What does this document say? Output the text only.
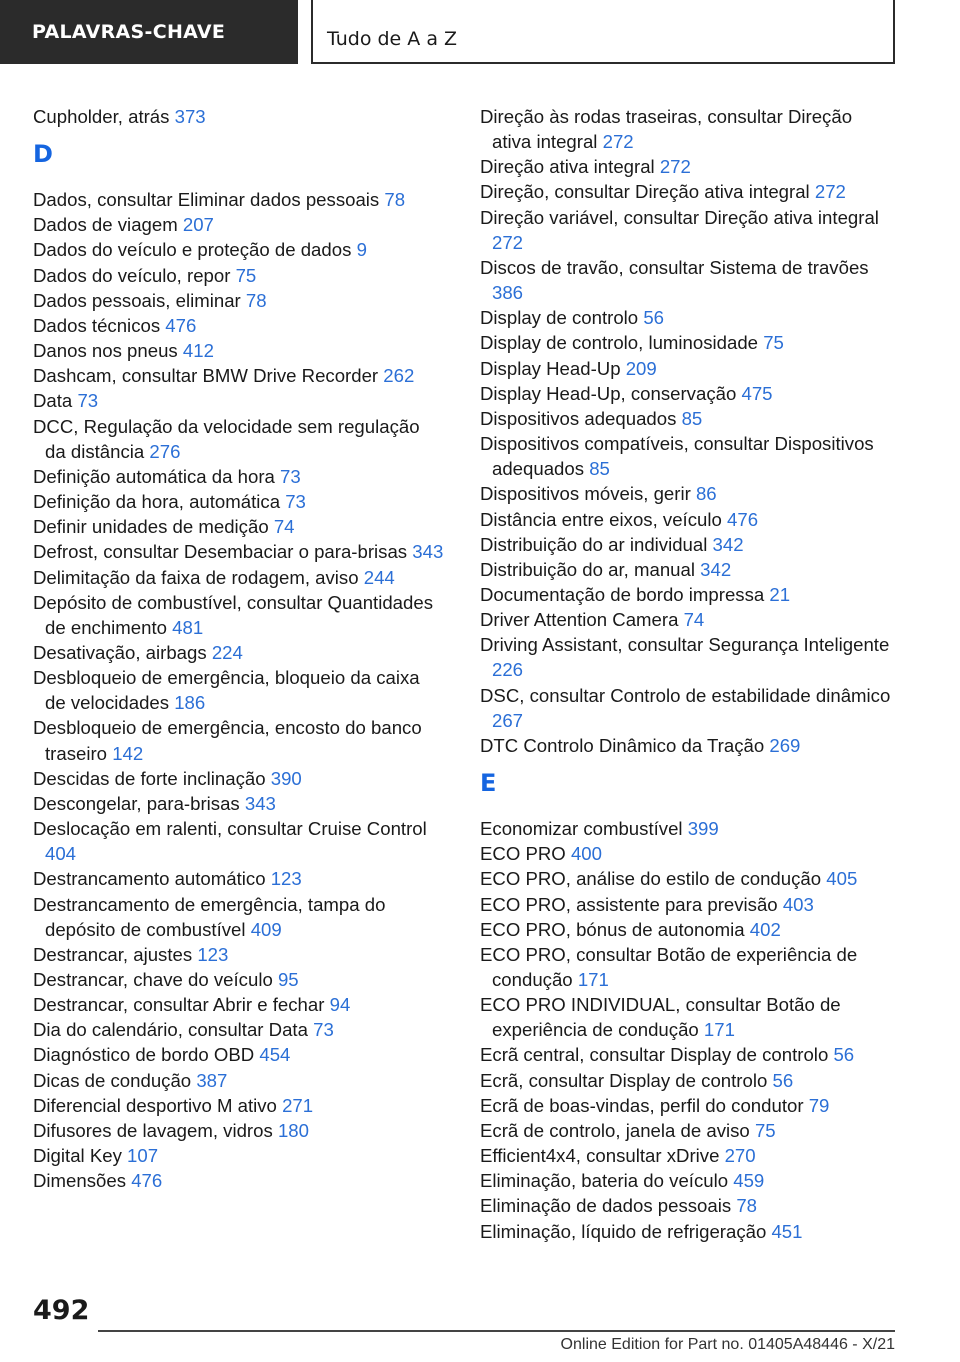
PALAVRAS-CHAVE	Tudo de A a Z
Cupholder, atrás 373
D
Dados, consultar Eliminar dados pessoais 78
Dados de viagem 207
Dados do veículo e proteção de dados 9
Dados do veículo, repor 75
Dados pessoais, eliminar 78
Dados técnicos 476
Danos nos pneus 412
Dashcam, consultar BMW Drive Recorder 262
Data 73
DCC, Regulação da velocidade sem regulação da distância 276
Definição automática da hora 73
Definição da hora, automática 73
Definir unidades de medição 74
Defrost, consultar Desembaciar o para-brisas 343
Delimitação da faixa de rodagem, aviso 244
Depósito de combustível, consultar Quantidades de enchimento 481
Desativação, airbags 224
Desbloqueio de emergência, bloqueio da caixa de velocidades 186
Desbloqueio de emergência, encosto do banco traseiro 142
Descidas de forte inclinação 390
Descongelar, para-brisas 343
Deslocação em ralenti, consultar Cruise Control 404
Destrancamento automático 123
Destrancamento de emergência, tampa do depósito de combustível 409
Destrancar, ajustes 123
Destrancar, chave do veículo 95
Destrancar, consultar Abrir e fechar 94
Dia do calendário, consultar Data 73
Diagnóstico de bordo OBD 454
Dicas de condução 387
Diferencial desportivo M ativo 271
Difusores de lavagem, vidros 180
Digital Key 107
Dimensões 476
Direção às rodas traseiras, consultar Direção ativa integral 272
Direção ativa integral 272
Direção, consultar Direção ativa integral 272
Direção variável, consultar Direção ativa integral 272
Discos de travão, consultar Sistema de travões 386
Display de controlo 56
Display de controlo, luminosidade 75
Display Head-Up 209
Display Head-Up, conservação 475
Dispositivos adequados 85
Dispositivos compatíveis, consultar Dispositivos adequados 85
Dispositivos móveis, gerir 86
Distância entre eixos, veículo 476
Distribuição do ar individual 342
Distribuição do ar, manual 342
Documentação de bordo impressa 21
Driver Attention Camera 74
Driving Assistant, consultar Segurança Inteligente 226
DSC, consultar Controlo de estabilidade dinâmico 267
DTC Controlo Dinâmico da Tração 269
E
Economizar combustível 399
ECO PRO 400
ECO PRO, análise do estilo de condução 405
ECO PRO, assistente para previsão 403
ECO PRO, bónus de autonomia 402
ECO PRO, consultar Botão de experiência de condução 171
ECO PRO INDIVIDUAL, consultar Botão de experiência de condução 171
Ecrã central, consultar Display de controlo 56
Ecrã, consultar Display de controlo 56
Ecrã de boas-vindas, perfil do condutor 79
Ecrã de controlo, janela de aviso 75
Efficient4x4, consultar xDrive 270
Eliminação, bateria do veículo 459
Eliminação de dados pessoais 78
Eliminação, líquido de refrigeração 451
492
Online Edition for Part no. 01405A48446 - X/21
